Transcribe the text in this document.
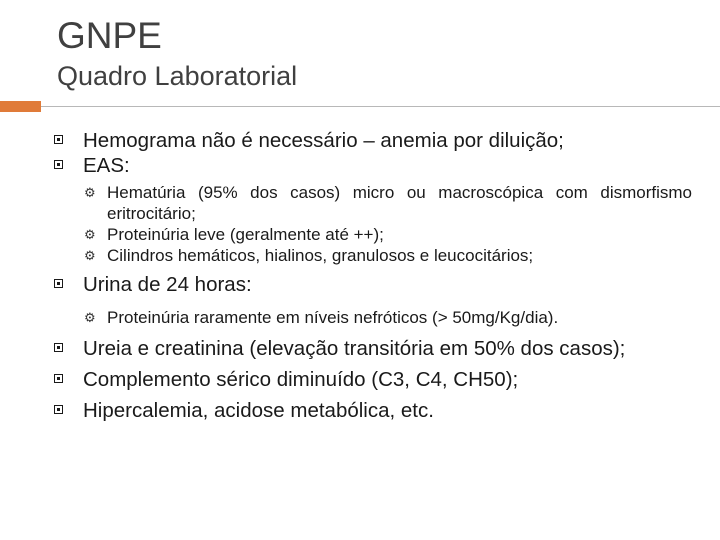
GNPE
Quadro Laboratorial
Hemograma não é necessário – anemia por diluição;
EAS:
⚙ Hematúria (95% dos casos) micro ou macroscópica com dismorfismo eritrocitário;
⚙ Proteinúria leve (geralmente até ++);
⚙ Cilindros hemáticos, hialinos, granulosos e leucocitários;
Urina de 24 horas:
⚙ Proteinúria raramente em níveis nefróticos (> 50mg/Kg/dia).
Ureia e creatinina (elevação transitória em 50% dos casos);
Complemento sérico diminuído (C3, C4, CH50);
Hipercalemia, acidose metabólica, etc.
